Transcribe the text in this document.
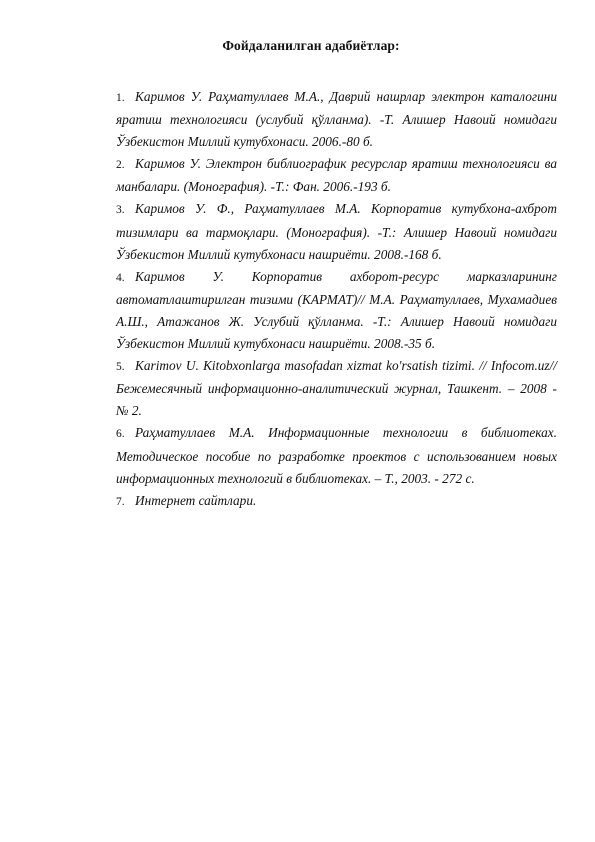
Фойдаланилган адабиётлар:
1. Каримов У. Раҳматуллаев М.А., Даврий нашрлар электрон каталогини яратиш технологияси (услубий қўлланма). -Т. Алишер Навоий номидаги Ўзбекистон Миллий кутубхонаси. 2006.-80 б.
2. Каримов У. Электрон библиографик ресурслар яратиш технологияси ва манбалари. (Монография). -Т.: Фан. 2006.-193 б.
3. Каримов У. Ф., Раҳматуллаев М.А. Корпоратив кутубхона-ахброт тизимлари ва тармоқлари. (Монография). -Т.: Алишер Навоий номидаги Ўзбекистон Миллий кутубхонаси нашриёти. 2008.-168 б.
4. Каримов У. Корпоратив ахборот-ресурс марказларининг автоматлаштирилган тизими (КАРМАТ)// М.А. Раҳматуллаев, Мухамадиев А.Ш., Атажанов Ж. Услубий қўлланма. -Т.: Алишер Навоий номидаги Ўзбекистон Миллий кутубхонаси нашриёти. 2008.-35 б.
5. Karimov U. Kitobxonlarga masofadan xizmat ko'rsatish tizimi. // Infocom.uz// Бежемесячный информационно-аналитический журнал, Ташкент. – 2008 - № 2.
6. Раҳматуллаев М.А. Информационные технологии в библиотеках. Методическое пособие по разработке проектов с использованием новых информационных технологий в библиотеках. – Т., 2003. - 272 с.
7. Интернет сайтлари.
